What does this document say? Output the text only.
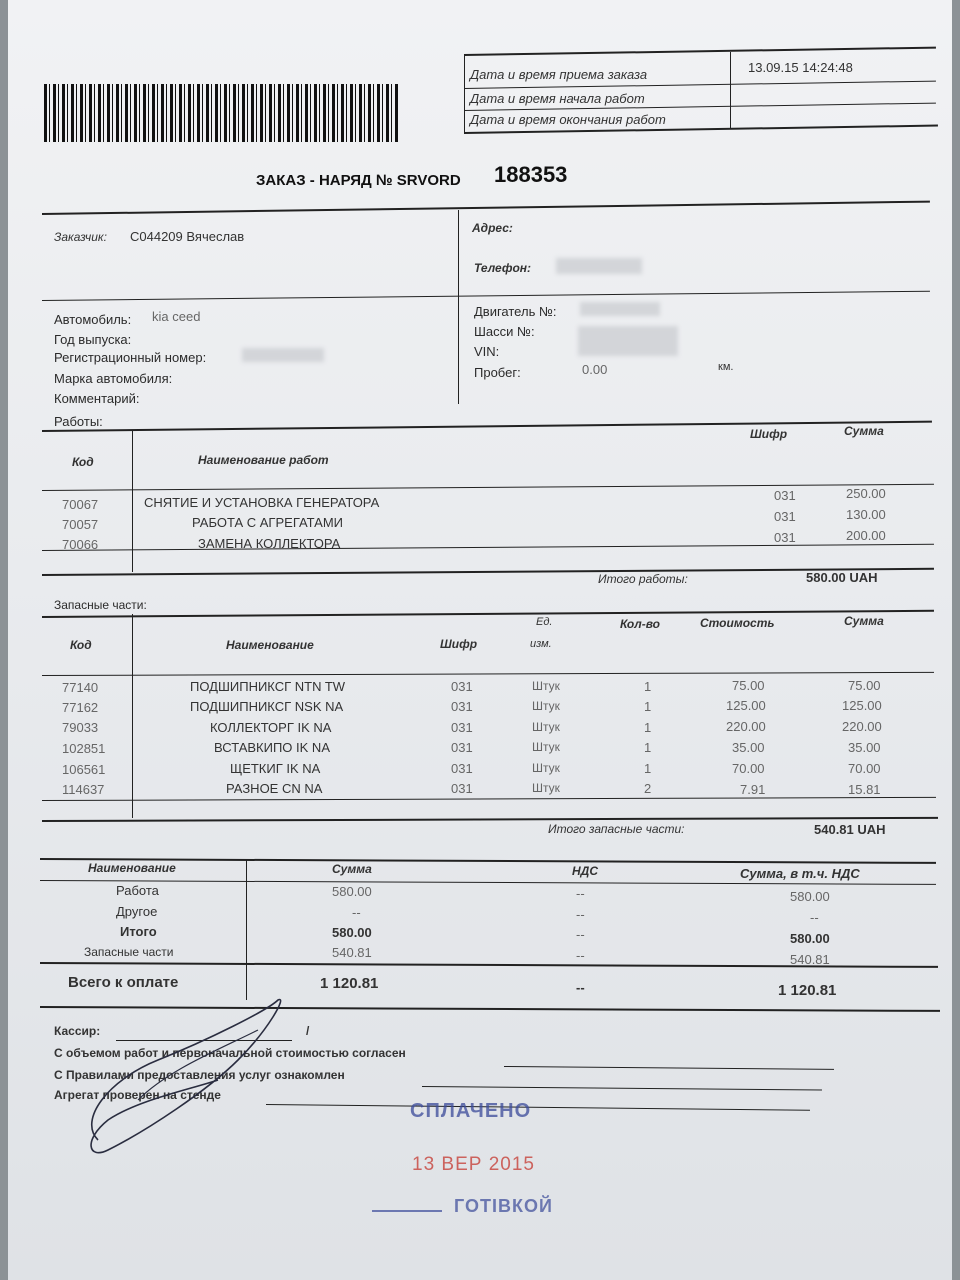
Дата и время приема заказа	13.09.15 14:24:48
Дата и время начала работ
Дата и время окончания работ
ЗАКАЗ - НАРЯД № SRVORD 188353
Заказчик: C044209 Вячеслав
Адрес:
Телефон:
Автомобиль: kia ceed
Год выпуска:
Регистрационный номер:
Марка автомобиля:
Комментарий:
Двигатель №:
Шасси №:
VIN:
Пробег:	0.00	км.
Работы:
Код	Наименование работ
Шифр	Сумма
70067	СНЯТИЕ И УСТАНОВКА ГЕНЕРАТОРА	031	250.00
70057	РАБОТА С АГРЕГАТАМИ	031	130.00
70066	ЗАМЕНА КОЛЛЕКТОРА	031	200.00
Итого работы:	580.00 UAH
Запасные части:
Код	Наименование	Шифр
Ед.
изм.
Кол-во	Стоимость	Сумма
77140	ПОДШИПНИКСГ NTN TW	031	Штук	1	75.00	75.00
77162	ПОДШИПНИКСГ NSK NA	031	Штук	1	125.00	125.00
79033	КОЛЛЕКТОРГ IK NA	031	Штук	1	220.00	220.00
102851	ВСТАВКИПО IK NA	031	Штук	1	35.00	35.00
106561	ЩЕТКИГ IK NA	031	Штук	1	70.00	70.00
114637	РАЗНОЕ CN NA	031	Штук	2	7.91	15.81
Итого запасные части:	540.81 UAH
Наименование	Сумма	НДС	Сумма, в т.ч. НДС
Работа	580.00	--	580.00
Другое	--	--	--
Итого	580.00	--	580.00
Запасные части	540.81	--	540.81
Всего к оплате	1 120.81	--	1 120.81
Кассир:	/
С объемом работ и первоначальной стоимостью согласен
С Правилами предоставления услуг ознакомлен
Агрегат проверен на стенде
СПЛАЧЕНО
13 ВЕР 2015
ГОТІВКОЙ
